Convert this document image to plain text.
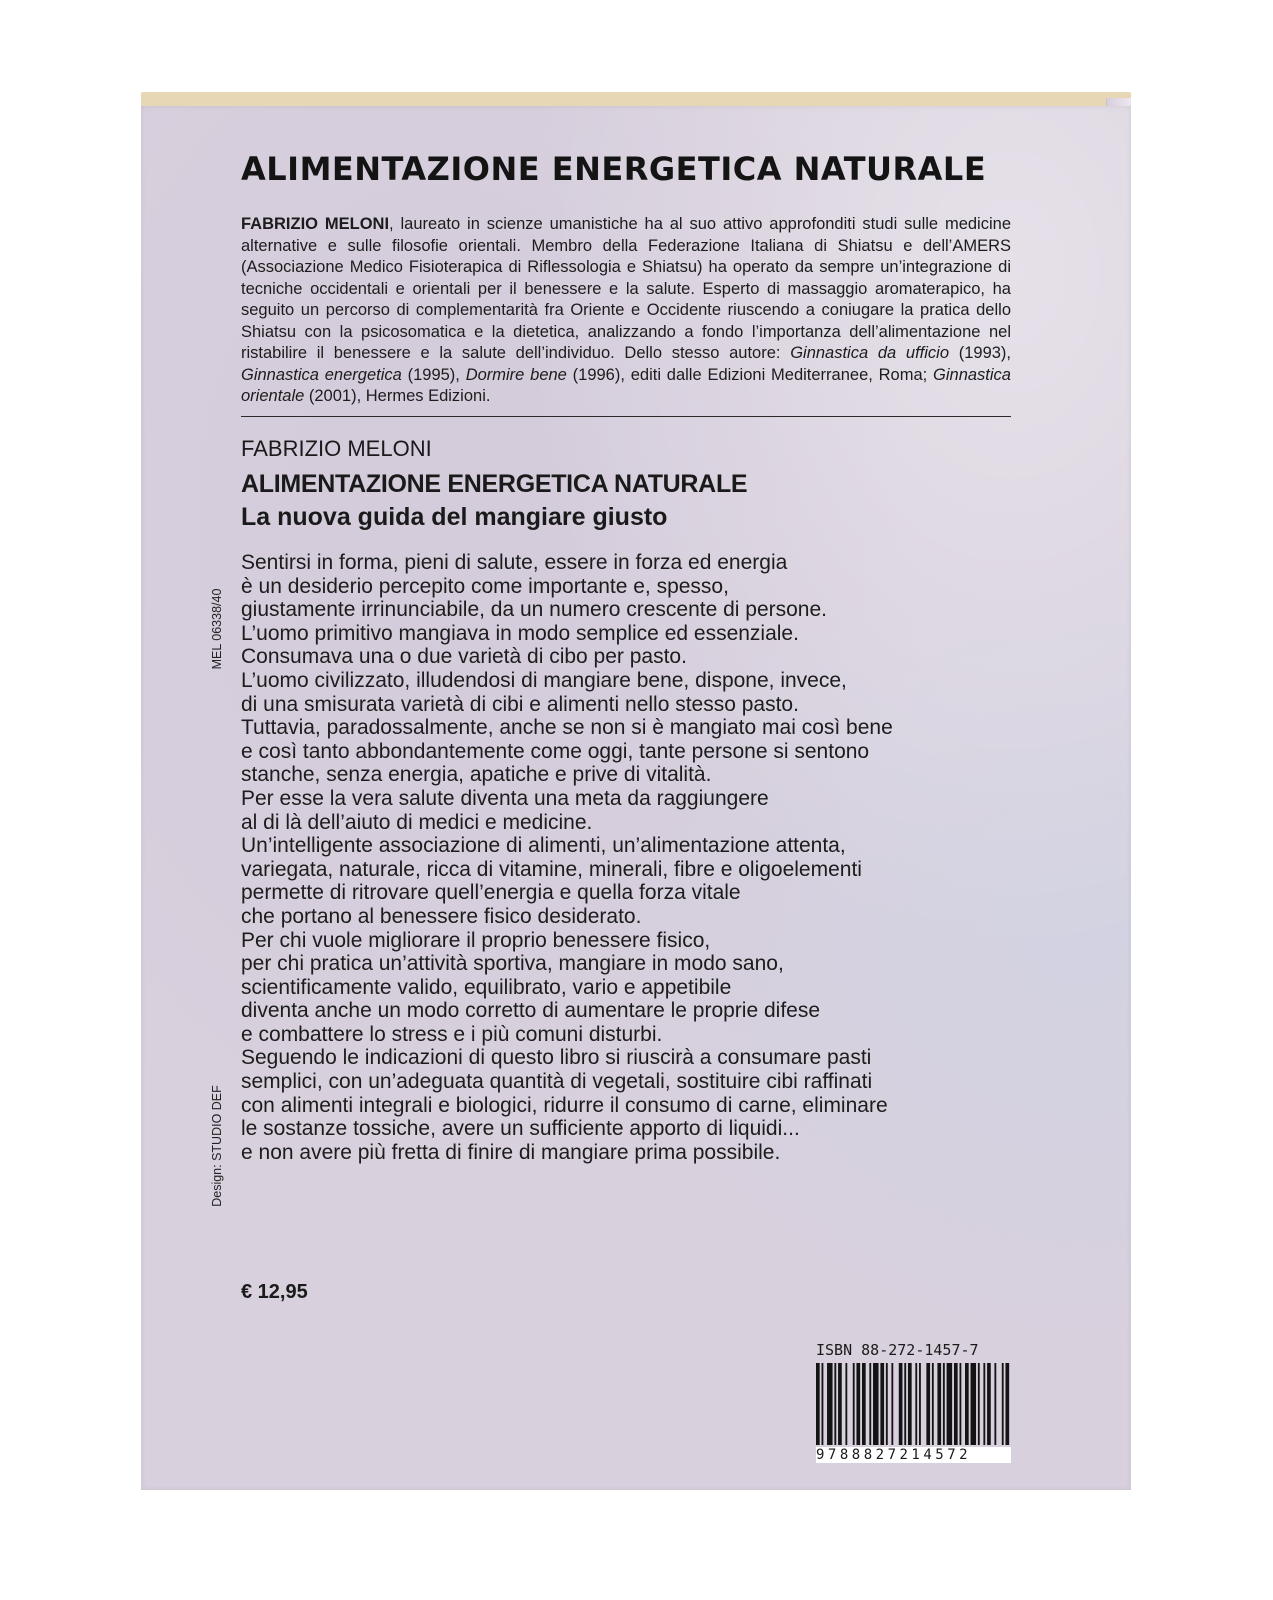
ALIMENTAZIONE ENERGETICA NATURALE

FABRIZIO MELONI, laureato in scienze umanistiche ha al suo attivo approfonditi studi sulle medicine alternative e sulle filosofie orientali. Membro della Federazione Italiana di Shiatsu e dell’AMERS (Associazione Medico Fisioterapica di Riflessologia e Shiatsu) ha operato da sempre un’integrazione di tecniche occidentali e orientali per il benessere e la salute. Esperto di massaggio aromaterapico, ha seguito un percorso di complementarità fra Oriente e Occidente riuscendo a coniugare la pratica dello Shiatsu con la psicosomatica e la dietetica, analizzando a fondo l’importanza dell’alimentazione nel ristabilire il benessere e la salute dell’individuo. Dello stesso autore: Ginnastica da ufficio (1993), Ginnastica energetica (1995), Dormire bene (1996), editi dalle Edizioni Mediterranee, Roma; Ginnastica orientale (2001), Hermes Edizioni.

FABRIZIO MELONI

ALIMENTAZIONE ENERGETICA NATURALE

La nuova guida del mangiare giusto

Sentirsi in forma, pieni di salute, essere in forza ed energia
è un desiderio percepito come importante e, spesso,
giustamente irrinunciabile, da un numero crescente di persone.
L’uomo primitivo mangiava in modo semplice ed essenziale.
Consumava una o due varietà di cibo per pasto.
L’uomo civilizzato, illudendosi di mangiare bene, dispone, invece,
di una smisurata varietà di cibi e alimenti nello stesso pasto.
Tuttavia, paradossalmente, anche se non si è mangiato mai così bene
e così tanto abbondantemente come oggi, tante persone si sentono
stanche, senza energia, apatiche e prive di vitalità.
Per esse la vera salute diventa una meta da raggiungere
al di là dell’aiuto di medici e medicine.
Un’intelligente associazione di alimenti, un’alimentazione attenta,
variegata, naturale, ricca di vitamine, minerali, fibre e oligoelementi
permette di ritrovare quell’energia e quella forza vitale
che portano al benessere fisico desiderato.
Per chi vuole migliorare il proprio benessere fisico,
per chi pratica un’attività sportiva, mangiare in modo sano,
scientificamente valido, equilibrato, vario e appetibile
diventa anche un modo corretto di aumentare le proprie difese
e combattere lo stress e i più comuni disturbi.
Seguendo le indicazioni di questo libro si riuscirà a consumare pasti
semplici, con un’adeguata quantità di vegetali, sostituire cibi raffinati
con alimenti integrali e biologici, ridurre il consumo di carne, eliminare
le sostanze tossiche, avere un sufficiente apporto di liquidi...
e non avere più fretta di finire di mangiare prima possibile.
MEL 06338/40
Design: STUDIO DEF

€ 12,95

ISBN 88-272-1457-7

9788827214572
